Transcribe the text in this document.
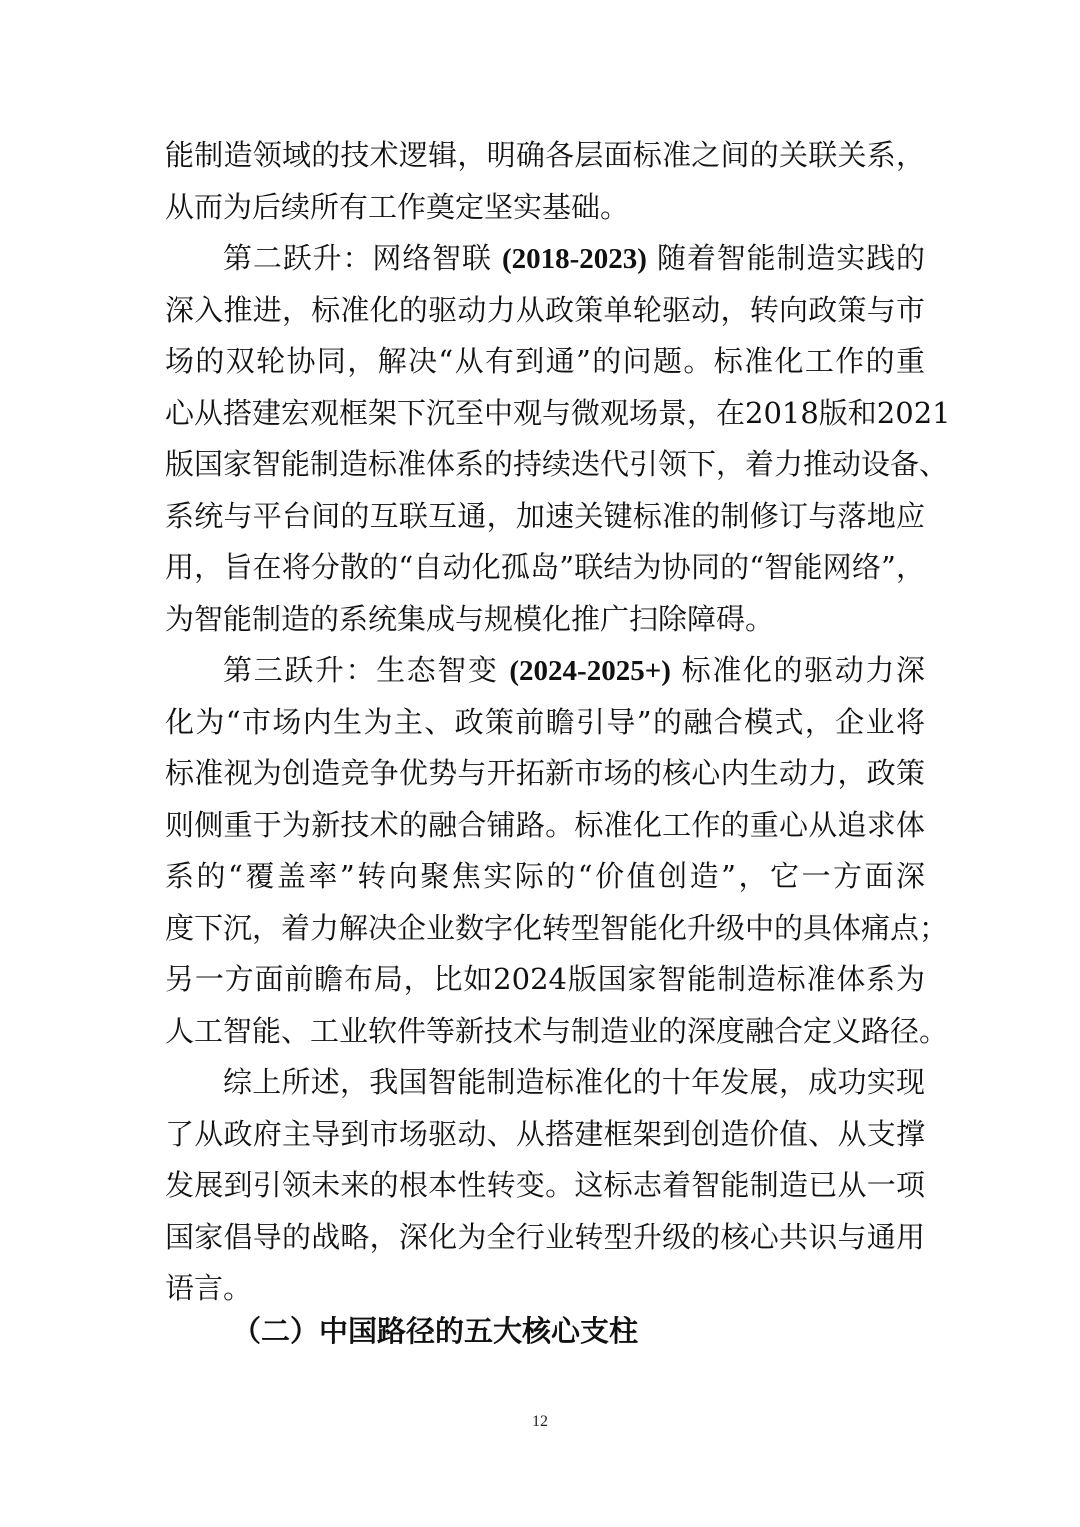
能制造领域的技术逻辑，明确各层面标准之间的关联关系，
从而为后续所有工作奠定坚实基础。
第二跃升：网络智联 (2018-2023) 随着智能制造实践的
深入推进，标准化的驱动力从政策单轮驱动，转向政策与市
场的双轮协同，解决“从有到通”的问题。标准化工作的重
心从搭建宏观框架下沉至中观与微观场景，在2018版和2021
版国家智能制造标准体系的持续迭代引领下，着力推动设备、
系统与平台间的互联互通，加速关键标准的制修订与落地应
用，旨在将分散的“自动化孤岛”联结为协同的“智能网络”，
为智能制造的系统集成与规模化推广扫除障碍。
第三跃升：生态智变 (2024-2025+) 标准化的驱动力深
化为“市场内生为主、政策前瞻引导”的融合模式，企业将
标准视为创造竞争优势与开拓新市场的核心内生动力，政策
则侧重于为新技术的融合铺路。标准化工作的重心从追求体
系的“覆盖率”转向聚焦实际的“价值创造”，它一方面深
度下沉，着力解决企业数字化转型智能化升级中的具体痛点；
另一方面前瞻布局，比如2024版国家智能制造标准体系为
人工智能、工业软件等新技术与制造业的深度融合定义路径。
综上所述，我国智能制造标准化的十年发展，成功实现
了从政府主导到市场驱动、从搭建框架到创造价值、从支撑
发展到引领未来的根本性转变。这标志着智能制造已从一项
国家倡导的战略，深化为全行业转型升级的核心共识与通用
语言。
（二）中国路径的五大核心支柱
12
